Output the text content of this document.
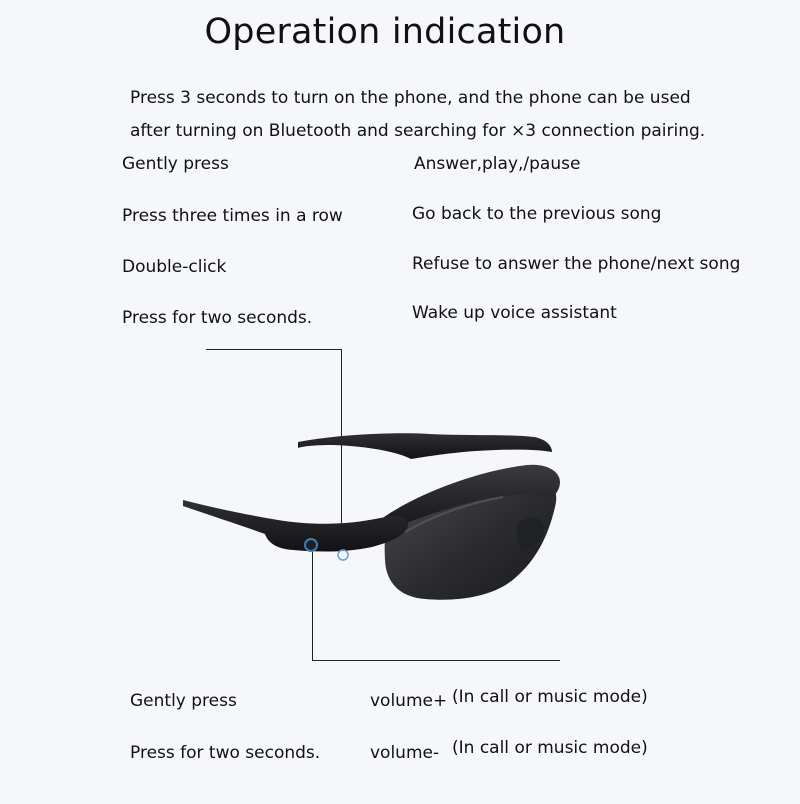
Operation indication
Press 3 seconds to turn on the phone, and the phone can be used
after turning on Bluetooth and searching for ×3 connection pairing.
Gently press	Answer,play,/pause
Press three times in a row	Go back to the previous song
Double-click	Refuse to answer the phone/next song
Press for two seconds.	Wake up voice assistant
Gently press	volume+ (In call or music mode)
Press for two seconds.	volume- (In call or music mode)
